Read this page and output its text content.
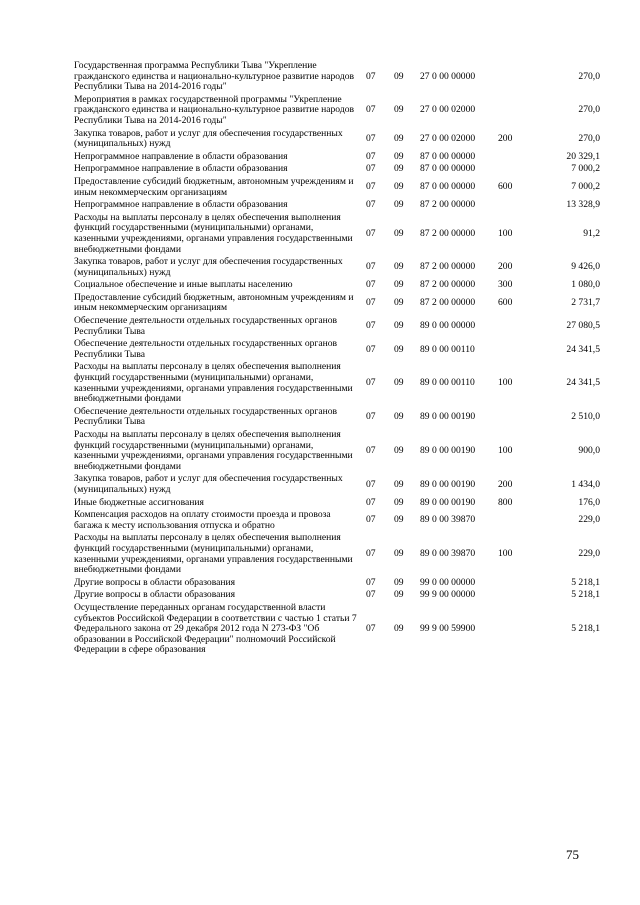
Государственная программа Республики Тыва "Укрепление гражданского единства и национально-культурное развитие народов Республики Тыва на 2014-2016 годы"	07	09	27 0 00 00000		270,0
Мероприятия в рамках государственной программы "Укрепление гражданского единства и национально-культурное развитие народов Республики Тыва на 2014-2016 годы"	07	09	27 0 00 02000		270,0
Закупка товаров, работ и услуг для обеспечения государственных (муниципальных) нужд	07	09	27 0 00 02000	200	270,0
Непрограммное направление в области образования	07	09	87 0 00 00000		20 329,1
Непрограммное направление в области образования	07	09	87 0 00 00000		7 000,2
Предоставление субсидий бюджетным, автономным учреждениям и иным некоммерческим организациям	07	09	87 0 00 00000	600	7 000,2
Непрограммное направление в области образования	07	09	87 2 00 00000		13 328,9
Расходы на выплаты персоналу в целях обеспечения выполнения функций государственными (муниципальными) органами, казенными учреждениями, органами управления государственными внебюджетными фондами	07	09	87 2 00 00000	100	91,2
Закупка товаров, работ и услуг для обеспечения государственных (муниципальных) нужд	07	09	87 2 00 00000	200	9 426,0
Социальное обеспечение и иные выплаты населению	07	09	87 2 00 00000	300	1 080,0
Предоставление субсидий бюджетным, автономным учреждениям и иным некоммерческим организациям	07	09	87 2 00 00000	600	2 731,7
Обеспечение деятельности отдельных государственных органов Республики Тыва	07	09	89 0 00 00000		27 080,5
Обеспечение деятельности отдельных государственных органов Республики Тыва	07	09	89 0 00 00110		24 341,5
Расходы на выплаты персоналу в целях обеспечения выполнения функций государственными (муниципальными) органами, казенными учреждениями, органами управления государственными внебюджетными фондами	07	09	89 0 00 00110	100	24 341,5
Обеспечение деятельности отдельных государственных органов Республики Тыва	07	09	89 0 00 00190		2 510,0
Расходы на выплаты персоналу в целях обеспечения выполнения функций государственными (муниципальными) органами, казенными учреждениями, органами управления государственными внебюджетными фондами	07	09	89 0 00 00190	100	900,0
Закупка товаров, работ и услуг для обеспечения государственных (муниципальных) нужд	07	09	89 0 00 00190	200	1 434,0
Иные бюджетные ассигнования	07	09	89 0 00 00190	800	176,0
Компенсация расходов на оплату стоимости проезда и провоза багажа к месту использования отпуска и обратно	07	09	89 0 00 39870		229,0
Расходы на выплаты персоналу в целях обеспечения выполнения функций государственными (муниципальными) органами, казенными учреждениями, органами управления государственными внебюджетными фондами	07	09	89 0 00 39870	100	229,0
Другие вопросы в области образования	07	09	99 0 00 00000		5 218,1
Другие вопросы в области образования	07	09	99 9 00 00000		5 218,1
Осуществление переданных органам государственной власти субъектов Российской Федерации в соответствии с частью 1 статьи 7 Федерального закона от 29 декабря 2012 года N 273-ФЗ "Об образовании в Российской Федерации" полномочий Российской Федерации в сфере образования	07	09	99 9 00 59900		5 218,1
75
